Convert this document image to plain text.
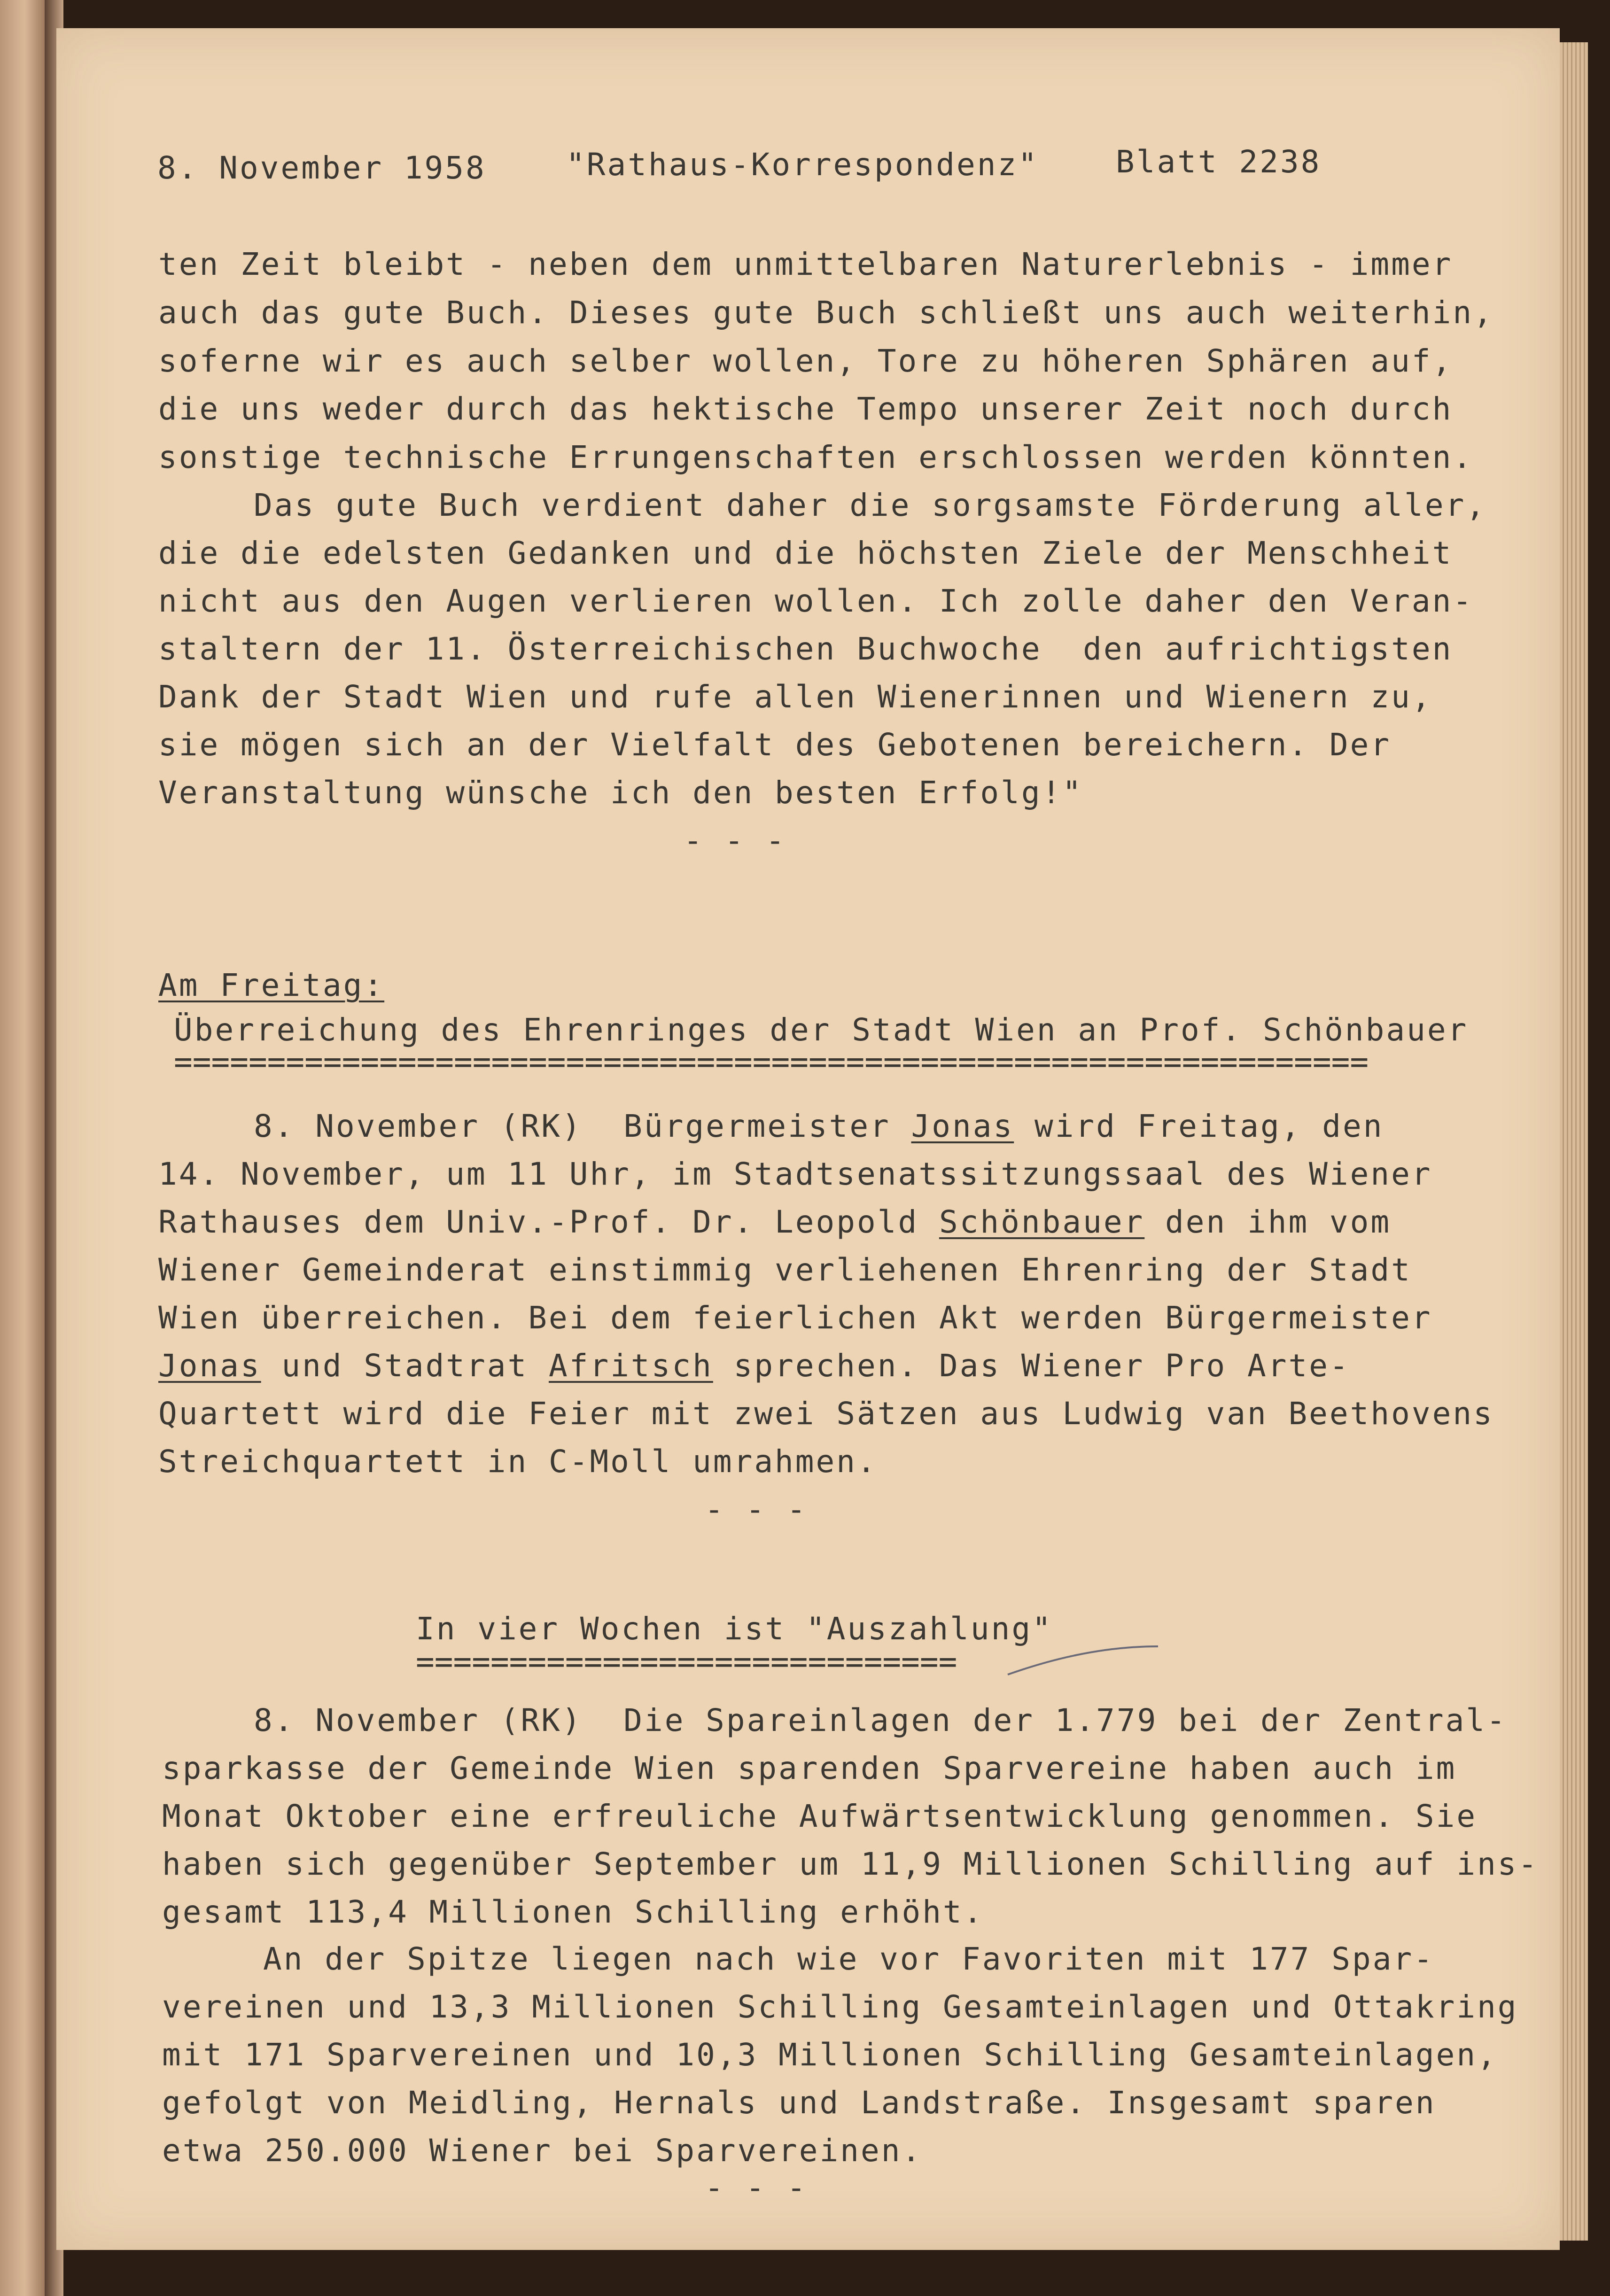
8. November 1958	"Rathaus-Korrespondenz" Blatt 2238
ten Zeit bleibt - neben dem unmittelbaren Naturerlebnis - immer
auch das gute Buch. Dieses gute Buch schließt uns auch weiterhin,
soferne wir es auch selber wollen, Tore zu höheren Sphären auf,
die uns weder durch das hektische Tempo unserer Zeit noch durch
sonstige technische Errungenschaften erschlossen werden könnten.
Das gute Buch verdient daher die sorgsamste Förderung aller,
die die edelsten Gedanken und die höchsten Ziele der Menschheit
nicht aus den Augen verlieren wollen. Ich zolle daher den Veran-
staltern der 11. Österreichischen Buchwoche  den aufrichtigsten
Dank der Stadt Wien und rufe allen Wienerinnen und Wienern zu,
sie mögen sich an der Vielfalt des Gebotenen bereichern. Der
Veranstaltung wünsche ich den besten Erfolg!"
- - -
Am Freitag:
Überreichung des Ehrenringes der Stadt Wien an Prof. Schönbauer
================================================================
8. November (RK)  Bürgermeister Jonas wird Freitag, den
14. November, um 11 Uhr, im Stadtsenatssitzungssaal des Wiener
Rathauses dem Univ.-Prof. Dr. Leopold Schönbauer den ihm vom
Wiener Gemeinderat einstimmig verliehenen Ehrenring der Stadt
Wien überreichen. Bei dem feierlichen Akt werden Bürgermeister
Jonas und Stadtrat Afritsch sprechen. Das Wiener Pro Arte-
Quartett wird die Feier mit zwei Sätzen aus Ludwig van Beethovens
Streichquartett in C-Moll umrahmen.
- - -
In vier Wochen ist "Auszahlung"
=============================
8. November (RK)  Die Spareinlagen der 1.779 bei der Zentral-
sparkasse der Gemeinde Wien sparenden Sparvereine haben auch im
Monat Oktober eine erfreuliche Aufwärtsentwicklung genommen. Sie
haben sich gegenüber September um 11,9 Millionen Schilling auf ins-
gesamt 113,4 Millionen Schilling erhöht.
An der Spitze liegen nach wie vor Favoriten mit 177 Spar-
vereinen und 13,3 Millionen Schilling Gesamteinlagen und Ottakring
mit 171 Sparvereinen und 10,3 Millionen Schilling Gesamteinlagen,
gefolgt von Meidling, Hernals und Landstraße. Insgesamt sparen
etwa 250.000 Wiener bei Sparvereinen.
- - -
